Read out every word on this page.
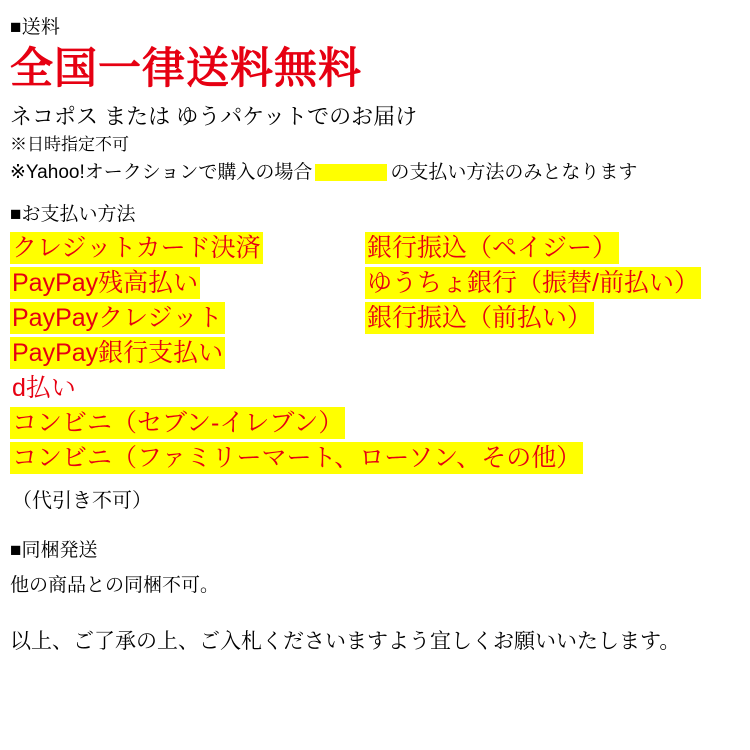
■送料
全国一律送料無料
ネコポス または ゆうパケットでのお届け
※日時指定不可
※Yahoo!オークションで購入の場合	の支払い方法のみとなります
■お支払い方法
クレジットカード決済	銀行振込（ペイジー）
PayPay残高払い	ゆうちょ銀行（振替/前払い）
PayPayクレジット	銀行振込（前払い）
PayPay銀行支払い
d払い
コンビニ（セブン-イレブン）
コンビニ（ファミリーマート、ローソン、その他）
（代引き不可）
■同梱発送
他の商品との同梱不可。
以上、ご了承の上、ご入札くださいますよう宜しくお願いいたします。
